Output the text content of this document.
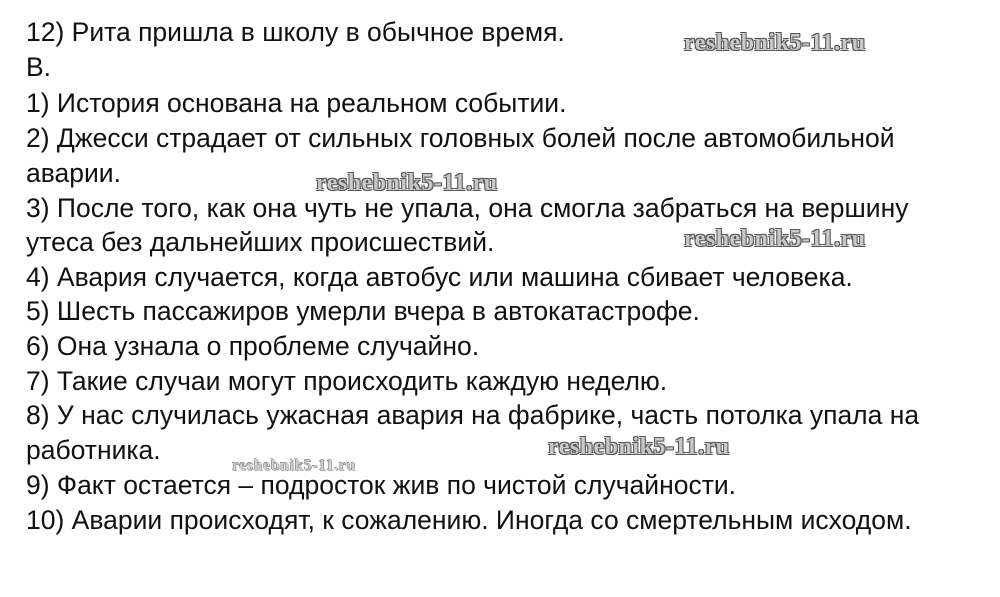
12) Рита пришла в школу в обычное время.
B.
1) История основана на реальном событии.
2) Джесси страдает от сильных головных болей после автомобильной
аварии.
3) После того, как она чуть не упала, она смогла забраться на вершину
утеса без дальнейших происшествий.
4) Авария случается, когда автобус или машина сбивает человека.
5) Шесть пассажиров умерли вчера в автокатастрофе.
6) Она узнала о проблеме случайно.
7) Такие случаи могут происходить каждую неделю.
8) У нас случилась ужасная авария на фабрике, часть потолка упала на
работника.
9) Факт остается – подросток жив по чистой случайности.
10) Аварии происходят, к сожалению. Иногда со смертельным исходом.
reshebnik5-11.ru
reshebnik5-11.ru
reshebnik5-11.ru
reshebnik5-11.ru
reshebnik5-11.ru
